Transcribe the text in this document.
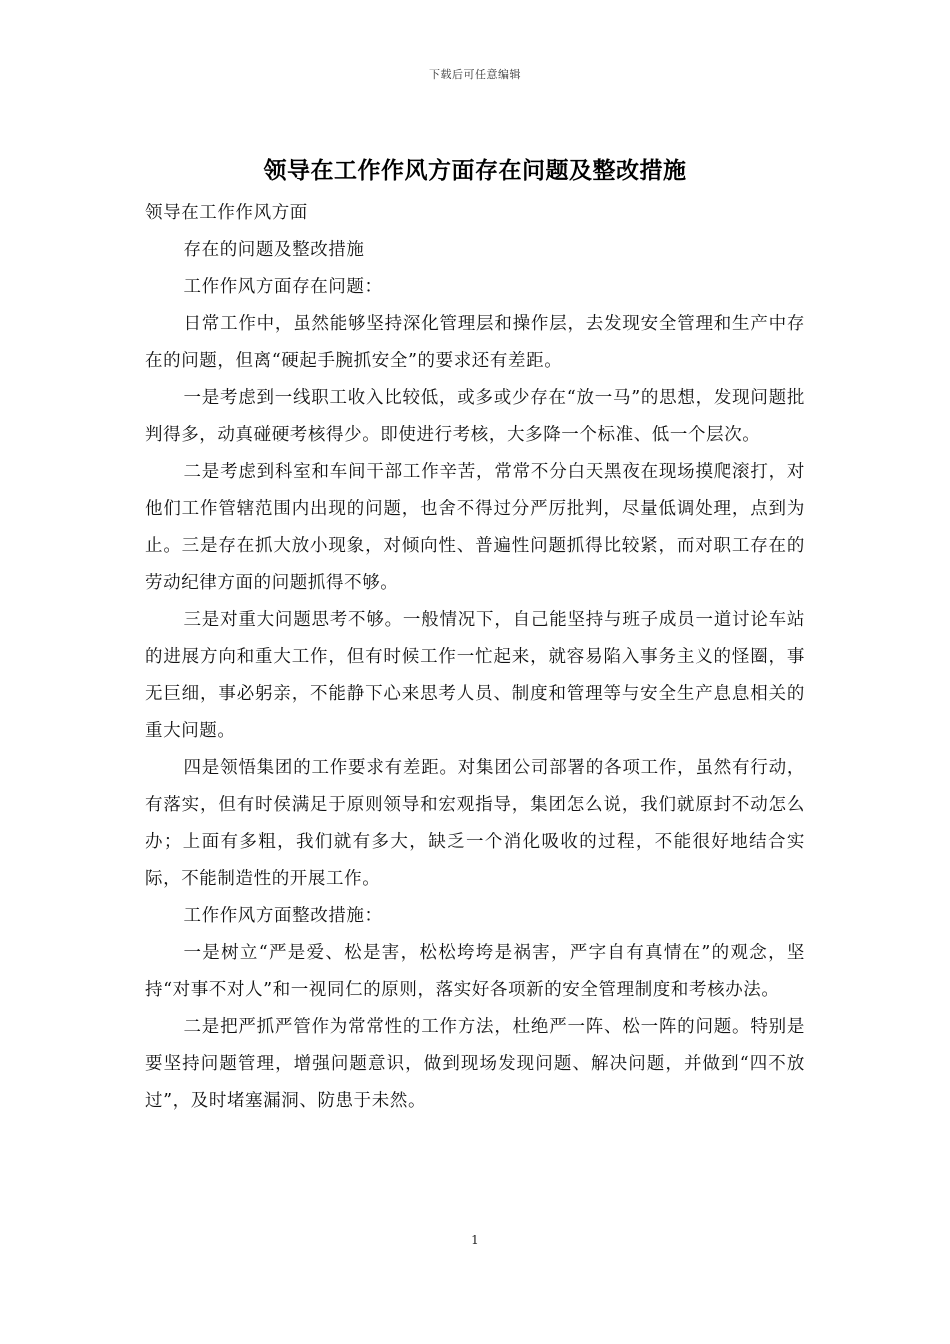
下载后可任意编辑
领导在工作作风方面存在问题及整改措施

领导在工作作风方面

存在的问题及整改措施

工作作风方面存在问题：

日常工作中，虽然能够坚持深化管理层和操作层，去发现安全管理和生产中存在的问题，但离“硬起手腕抓安全”的要求还有差距。

一是考虑到一线职工收入比较低，或多或少存在“放一马”的思想，发现问题批判得多，动真碰硬考核得少。即使进行考核，大多降一个标准、低一个层次。

二是考虑到科室和车间干部工作辛苦，常常不分白天黑夜在现场摸爬滚打，对他们工作管辖范围内出现的问题，也舍不得过分严厉批判，尽量低调处理，点到为止。三是存在抓大放小现象，对倾向性、普遍性问题抓得比较紧，而对职工存在的劳动纪律方面的问题抓得不够。

三是对重大问题思考不够。一般情况下，自己能坚持与班子成员一道讨论车站的进展方向和重大工作，但有时候工作一忙起来，就容易陷入事务主义的怪圈，事无巨细，事必躬亲，不能静下心来思考人员、制度和管理等与安全生产息息相关的重大问题。

四是领悟集团的工作要求有差距。对集团公司部署的各项工作，虽然有行动，有落实，但有时侯满足于原则领导和宏观指导，集团怎么说，我们就原封不动怎么办；上面有多粗，我们就有多大，缺乏一个消化吸收的过程，不能很好地结合实际，不能制造性的开展工作。

工作作风方面整改措施：

一是树立“严是爱、松是害，松松垮垮是祸害，严字自有真情在”的观念，坚持“对事不对人”和一视同仁的原则，落实好各项新的安全管理制度和考核办法。

二是把严抓严管作为常常性的工作方法，杜绝严一阵、松一阵的问题。特别是要坚持问题管理，增强问题意识，做到现场发现问题、解决问题，并做到“四不放过”，及时堵塞漏洞、防患于未然。

1
